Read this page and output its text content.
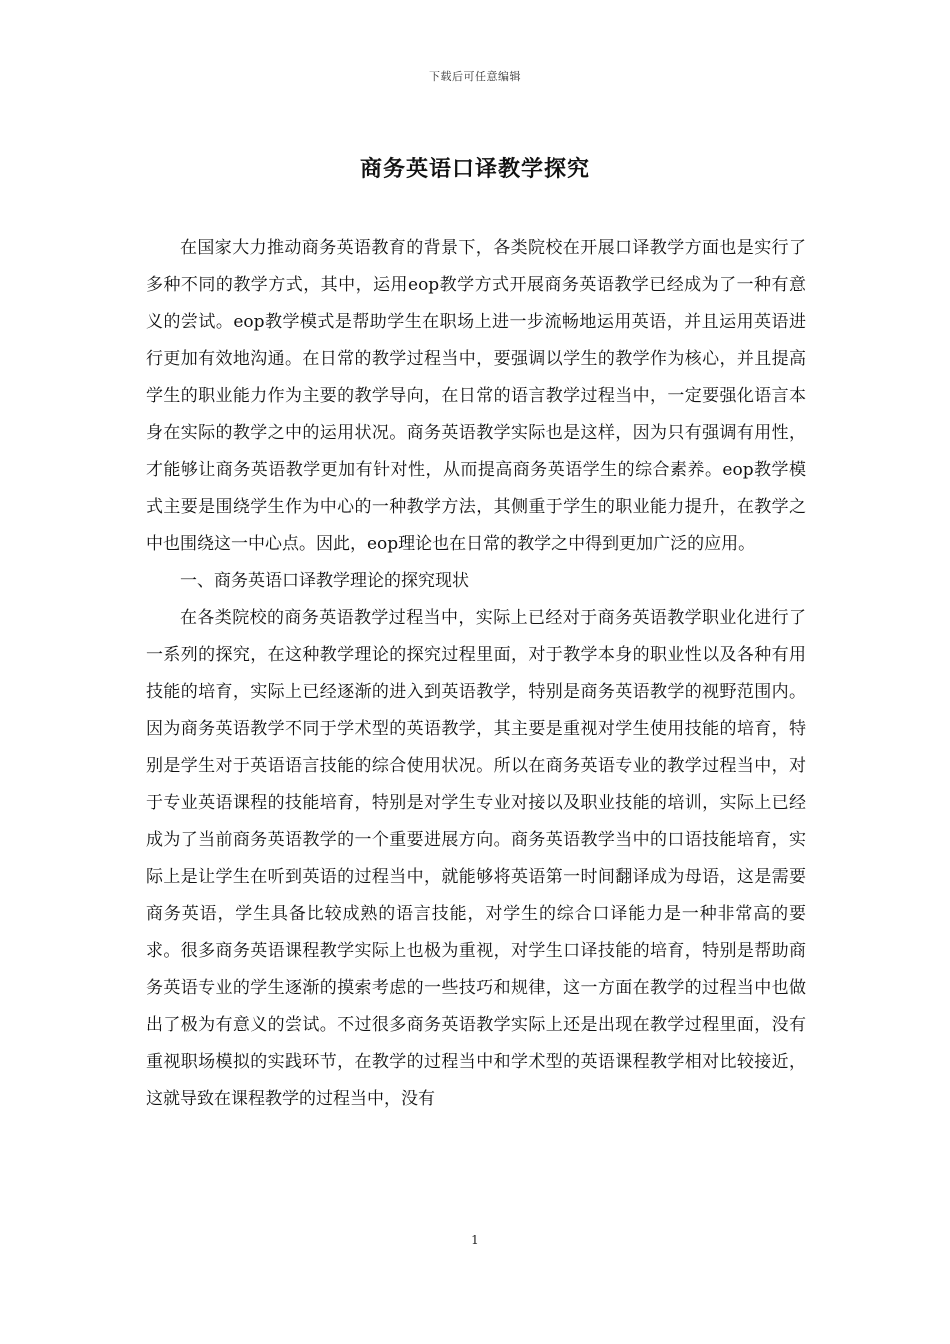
下载后可任意编辑
商务英语口译教学探究

在国家大力推动商务英语教育的背景下，各类院校在开展口译教学方面也是实行了多种不同的教学方式，其中，运用eop教学方式开展商务英语教学已经成为了一种有意义的尝试。eop教学模式是帮助学生在职场上进一步流畅地运用英语，并且运用英语进行更加有效地沟通。在日常的教学过程当中，要强调以学生的教学作为核心，并且提高学生的职业能力作为主要的教学导向，在日常的语言教学过程当中，一定要强化语言本身在实际的教学之中的运用状况。商务英语教学实际也是这样，因为只有强调有用性，才能够让商务英语教学更加有针对性，从而提高商务英语学生的综合素养。eop教学模式主要是围绕学生作为中心的一种教学方法，其侧重于学生的职业能力提升，在教学之中也围绕这一中心点。因此，eop理论也在日常的教学之中得到更加广泛的应用。

一、商务英语口译教学理论的探究现状

在各类院校的商务英语教学过程当中，实际上已经对于商务英语教学职业化进行了一系列的探究，在这种教学理论的探究过程里面，对于教学本身的职业性以及各种有用技能的培育，实际上已经逐渐的进入到英语教学，特别是商务英语教学的视野范围内。因为商务英语教学不同于学术型的英语教学，其主要是重视对学生使用技能的培育，特别是学生对于英语语言技能的综合使用状况。所以在商务英语专业的教学过程当中，对于专业英语课程的技能培育，特别是对学生专业对接以及职业技能的培训，实际上已经成为了当前商务英语教学的一个重要进展方向。商务英语教学当中的口语技能培育，实际上是让学生在听到英语的过程当中，就能够将英语第一时间翻译成为母语，这是需要商务英语，学生具备比较成熟的语言技能，对学生的综合口译能力是一种非常高的要求。很多商务英语课程教学实际上也极为重视，对学生口译技能的培育，特别是帮助商务英语专业的学生逐渐的摸索考虑的一些技巧和规律，这一方面在教学的过程当中也做出了极为有意义的尝试。不过很多商务英语教学实际上还是出现在教学过程里面，没有重视职场模拟的实践环节，在教学的过程当中和学术型的英语课程教学相对比较接近，这就导致在课程教学的过程当中，没有

1
